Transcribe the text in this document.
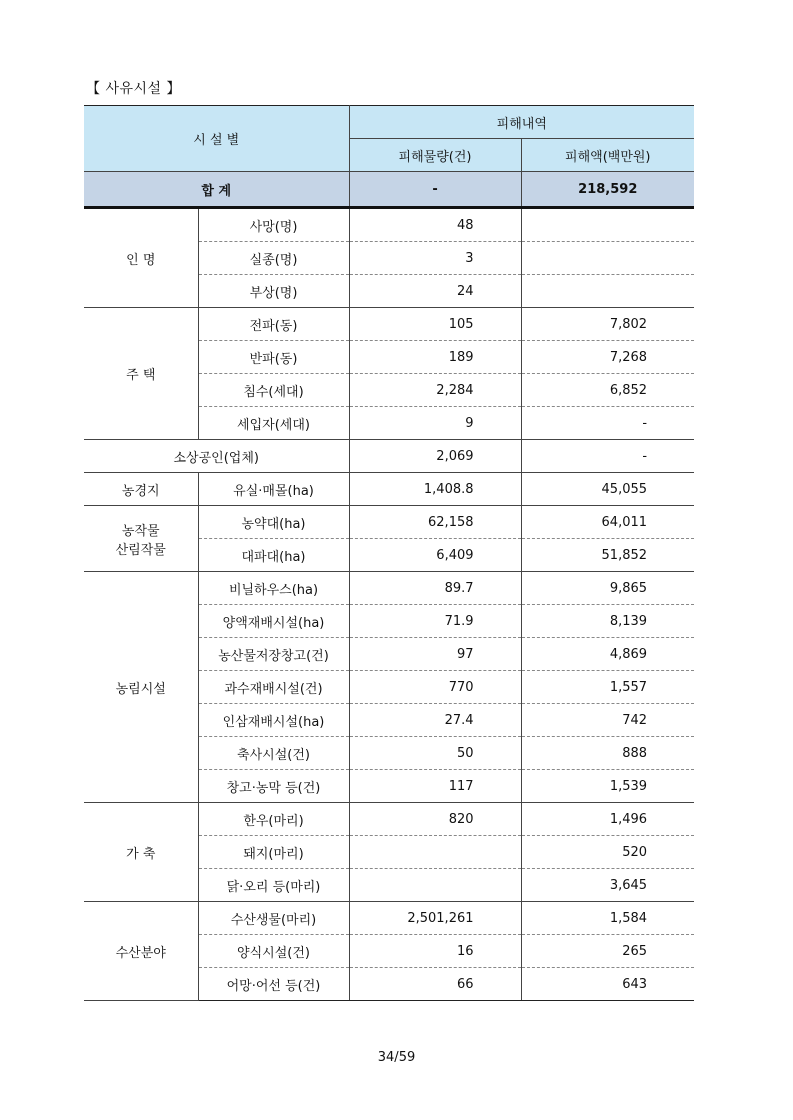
【 사유시설 】
시 설 별		피해내역	
		피해물량(건)	피해액(백만원)
합 계		-	218,592
인 명	사망(명)	48	
	실종(명)	3	
	부상(명)	24	
주 택	전파(동)	105	7,802
	반파(동)	189	7,268
	침수(세대)	2,284	6,852
	세입자(세대)	9	-
소상공인(업체)		2,069	-
농경지	유실·매몰(ha)	1,408.8	45,055
농작물
산림작물	농약대(ha)	62,158	64,011
	대파대(ha)	6,409	51,852
농림시설	비닐하우스(ha)	89.7	9,865
	양액재배시설(ha)	71.9	8,139
	농산물저장창고(건)	97	4,869
	과수재배시설(건)	770	1,557
	인삼재배시설(ha)	27.4	742
	축사시설(건)	50	888
	창고·농막 등(건)	117	1,539
가 축	한우(마리)	820	1,496
	돼지(마리)		520
	닭·오리 등(마리)		3,645
수산분야	수산생물(마리)	2,501,261	1,584
	양식시설(건)	16	265
	어망·어선 등(건)	66	643
34/59
